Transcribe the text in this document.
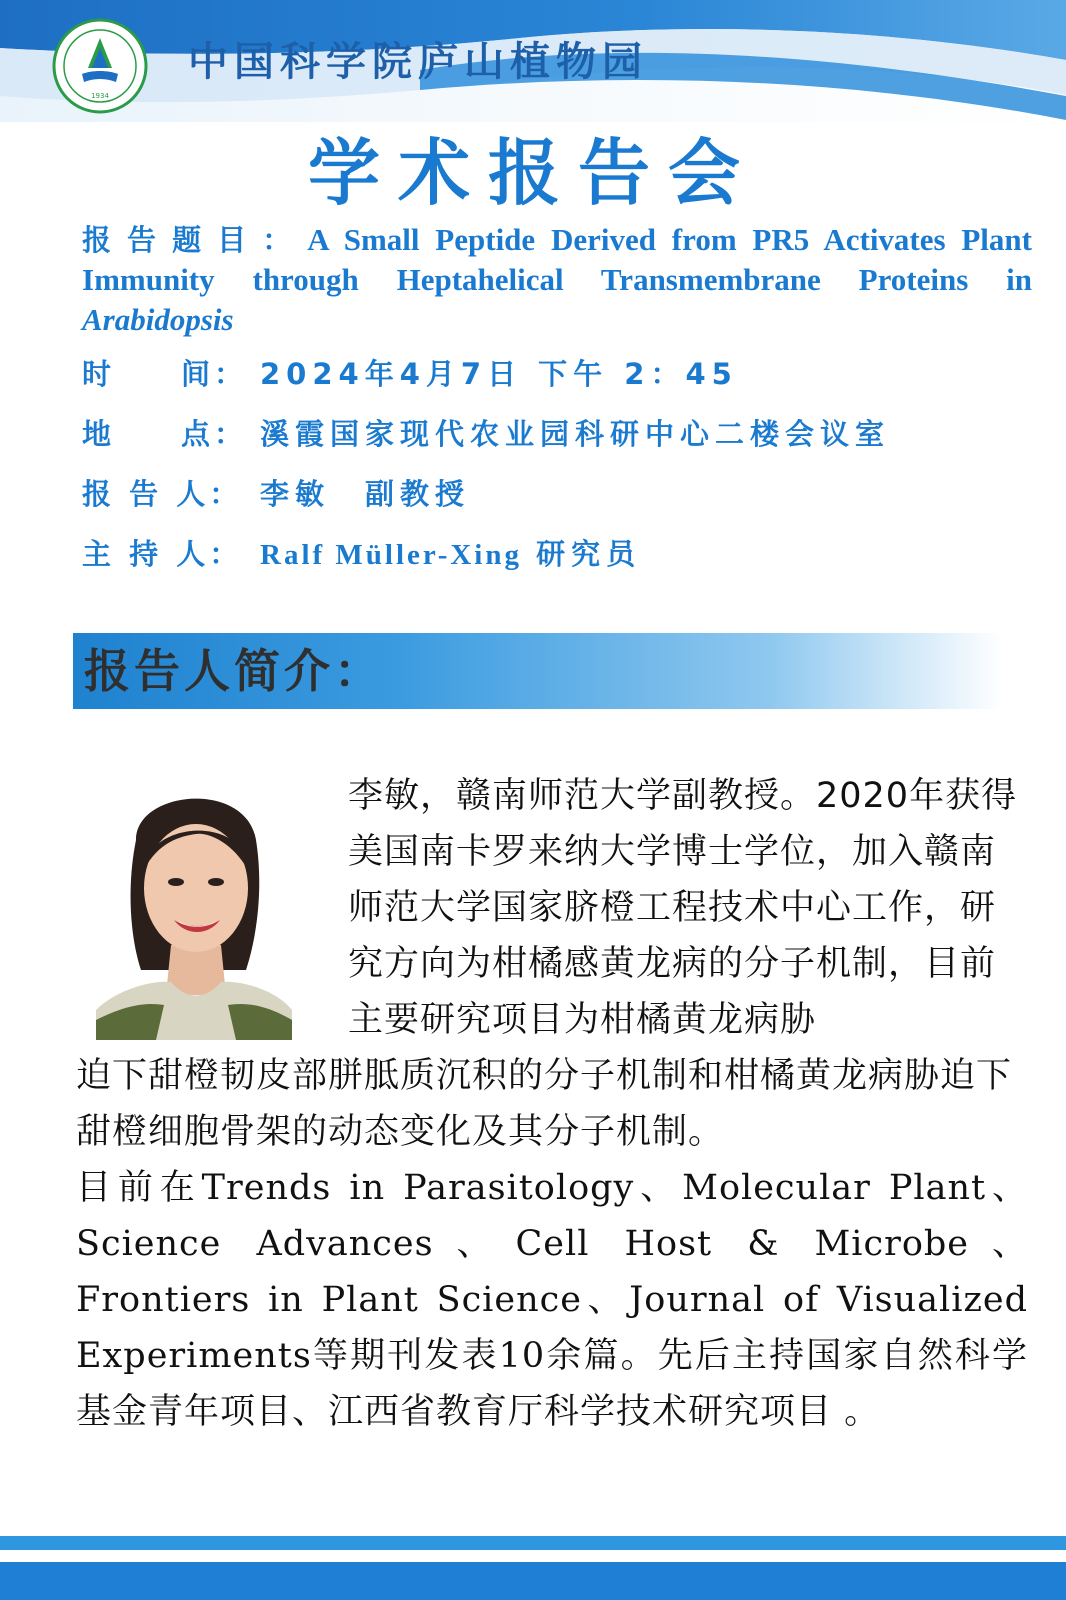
1934
中国科学院庐山植物园
学术报告会
报告题目：A Small Peptide Derived from PR5 Activates Plant Immunity through Heptahelical Transmembrane Proteins in Arabidopsis
时　　间： 2024年4月7日 下午 2：45
地　　点： 溪霞国家现代农业园科研中心二楼会议室
报 告 人： 李敏　副教授
主 持 人： Ralf Müller-Xing 研究员
报告人简介：
李敏，赣南师范大学副教授。2020年获得美国南卡罗来纳大学博士学位，加入赣南师范大学国家脐橙工程技术中心工作，研究方向为柑橘感黄龙病的分子机制，目前主要研究项目为柑橘黄龙病胁

迫下甜橙韧皮部胼胝质沉积的分子机制和柑橘黄龙病胁迫下甜橙细胞骨架的动态变化及其分子机制。

目前在Trends in Parasitology、Molecular Plant、Science Advances、Cell Host & Microbe、Frontiers in Plant Science、Journal of Visualized Experiments等期刊发表10余篇。先后主持国家自然科学基金青年项目、江西省教育厅科学技术研究项目 。
